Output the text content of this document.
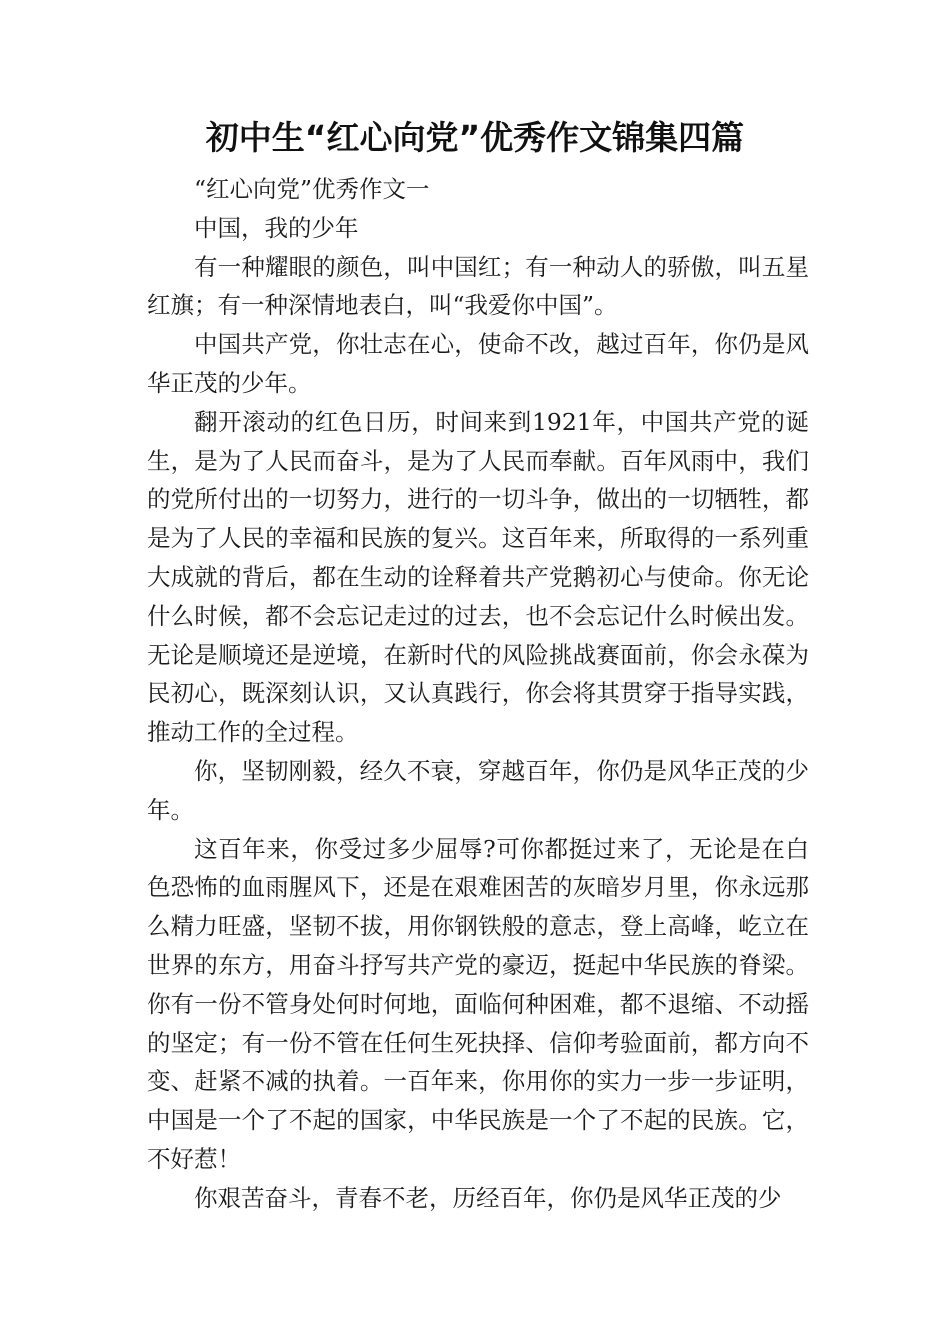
初中生“红心向党”优秀作文锦集四篇

“红心向党”优秀作文一

中国，我的少年

有一种耀眼的颜色，叫中国红；有一种动人的骄傲，叫五星红旗；有一种深情地表白，叫“我爱你中国”。

中国共产党，你壮志在心，使命不改，越过百年，你仍是风华正茂的少年。

翻开滚动的红色日历，时间来到1921年，中国共产党的诞生，是为了人民而奋斗，是为了人民而奉献。百年风雨中，我们的党所付出的一切努力，进行的一切斗争，做出的一切牺牲，都是为了人民的幸福和民族的复兴。这百年来，所取得的一系列重大成就的背后，都在生动的诠释着共产党鹅初心与使命。你无论什么时候，都不会忘记走过的过去，也不会忘记什么时候出发。无论是顺境还是逆境，在新时代的风险挑战赛面前，你会永葆为民初心，既深刻认识，又认真践行，你会将其贯穿于指导实践，推动工作的全过程。

你，坚韧刚毅，经久不衰，穿越百年，你仍是风华正茂的少年。

这百年来，你受过多少屈辱?可你都挺过来了，无论是在白色恐怖的血雨腥风下，还是在艰难困苦的灰暗岁月里，你永远那么精力旺盛，坚韧不拔，用你钢铁般的意志，登上高峰，屹立在世界的东方，用奋斗抒写共产党的豪迈，挺起中华民族的脊梁。你有一份不管身处何时何地，面临何种困难，都不退缩、不动摇的坚定；有一份不管在任何生死抉择、信仰考验面前，都方向不变、赶紧不减的执着。一百年来，你用你的实力一步一步证明，中国是一个了不起的国家，中华民族是一个了不起的民族。它，不好惹！

你艰苦奋斗，青春不老，历经百年，你仍是风华正茂的少
